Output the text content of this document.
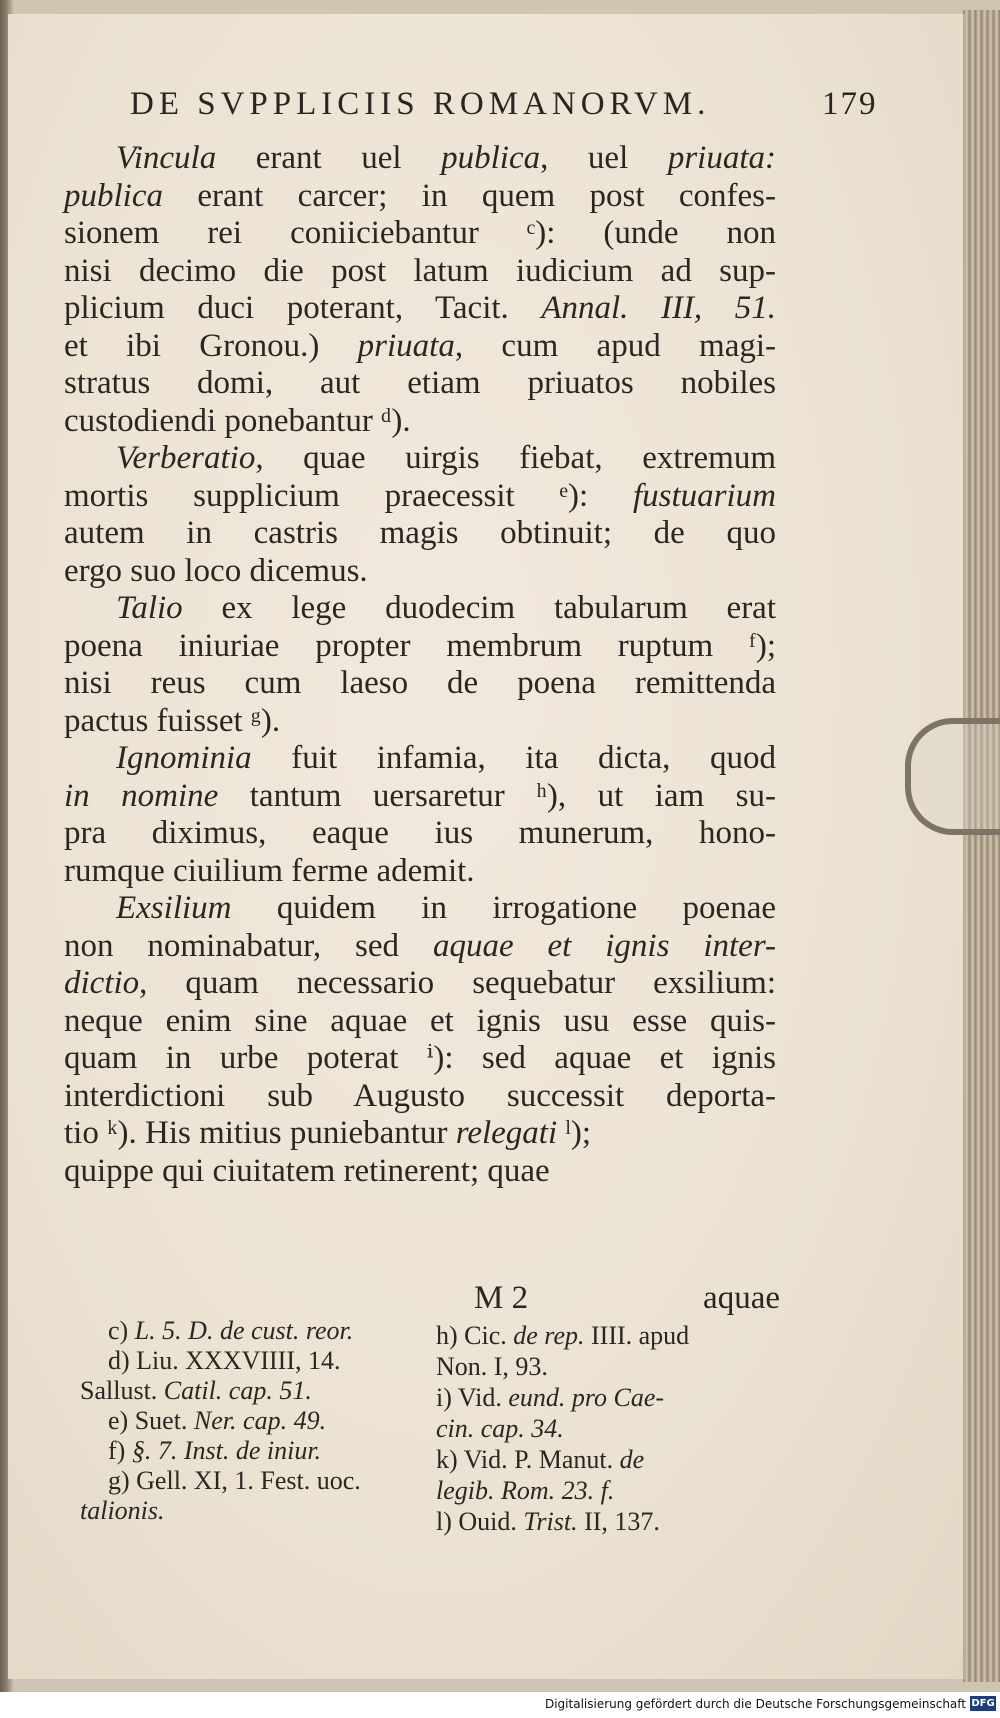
DE SVPPLICIIS ROMANORVM.	179
Vincula erant uel publica, uel priuata:
publica erant carcer; in quem post confes-
sionem rei coniiciebantur ᶜ): (unde non
nisi decimo die post latum iudicium ad sup-
plicium duci poterant, Tacit. Annal. III, 51.
et ibi Gronou.) priuata, cum apud magi-
stratus domi, aut etiam priuatos nobiles
custodiendi ponebantur ᵈ).
Verberatio, quae uirgis fiebat, extremum
mortis supplicium praecessit ᵉ): fustuarium
autem in castris magis obtinuit; de quo
ergo suo loco dicemus.
Talio ex lege duodecim tabularum erat
poena iniuriae propter membrum ruptum ᶠ);
nisi reus cum laeso de poena remittenda
pactus fuisset ᵍ).
Ignominia fuit infamia, ita dicta, quod
in nomine tantum uersaretur ʰ), ut iam su-
pra diximus, eaque ius munerum, hono-
rumque ciuilium ferme ademit.
Exsilium quidem in irrogatione poenae
non nominabatur, sed aquae et ignis inter-
dictio, quam necessario sequebatur exsilium:
neque enim sine aquae et ignis usu esse quis-
quam in urbe poterat ⁱ): sed aquae et ignis
interdictioni sub Augusto successit deporta-
tio ᵏ). His mitius puniebantur relegati ˡ);
quippe qui ciuitatem retinerent; quae
M 2	aquae
c) L. 5. D. de cust. reor.
d) Liu. XXXVIIII, 14.
Sallust. Catil. cap. 51.
e) Suet. Ner. cap. 49.
f) §. 7. Inst. de iniur.
g) Gell. XI, 1. Fest. uoc.
talionis.
h) Cic. de rep. IIII. apud
Non. I, 93.
i) Vid. eund. pro Cae-
cin. cap. 34.
k) Vid. P. Manut. de
legib. Rom. 23. f.
l) Ouid. Trist. II, 137.
Digitalisierung gefördert durch die Deutsche Forschungsgemeinschaft DFG
